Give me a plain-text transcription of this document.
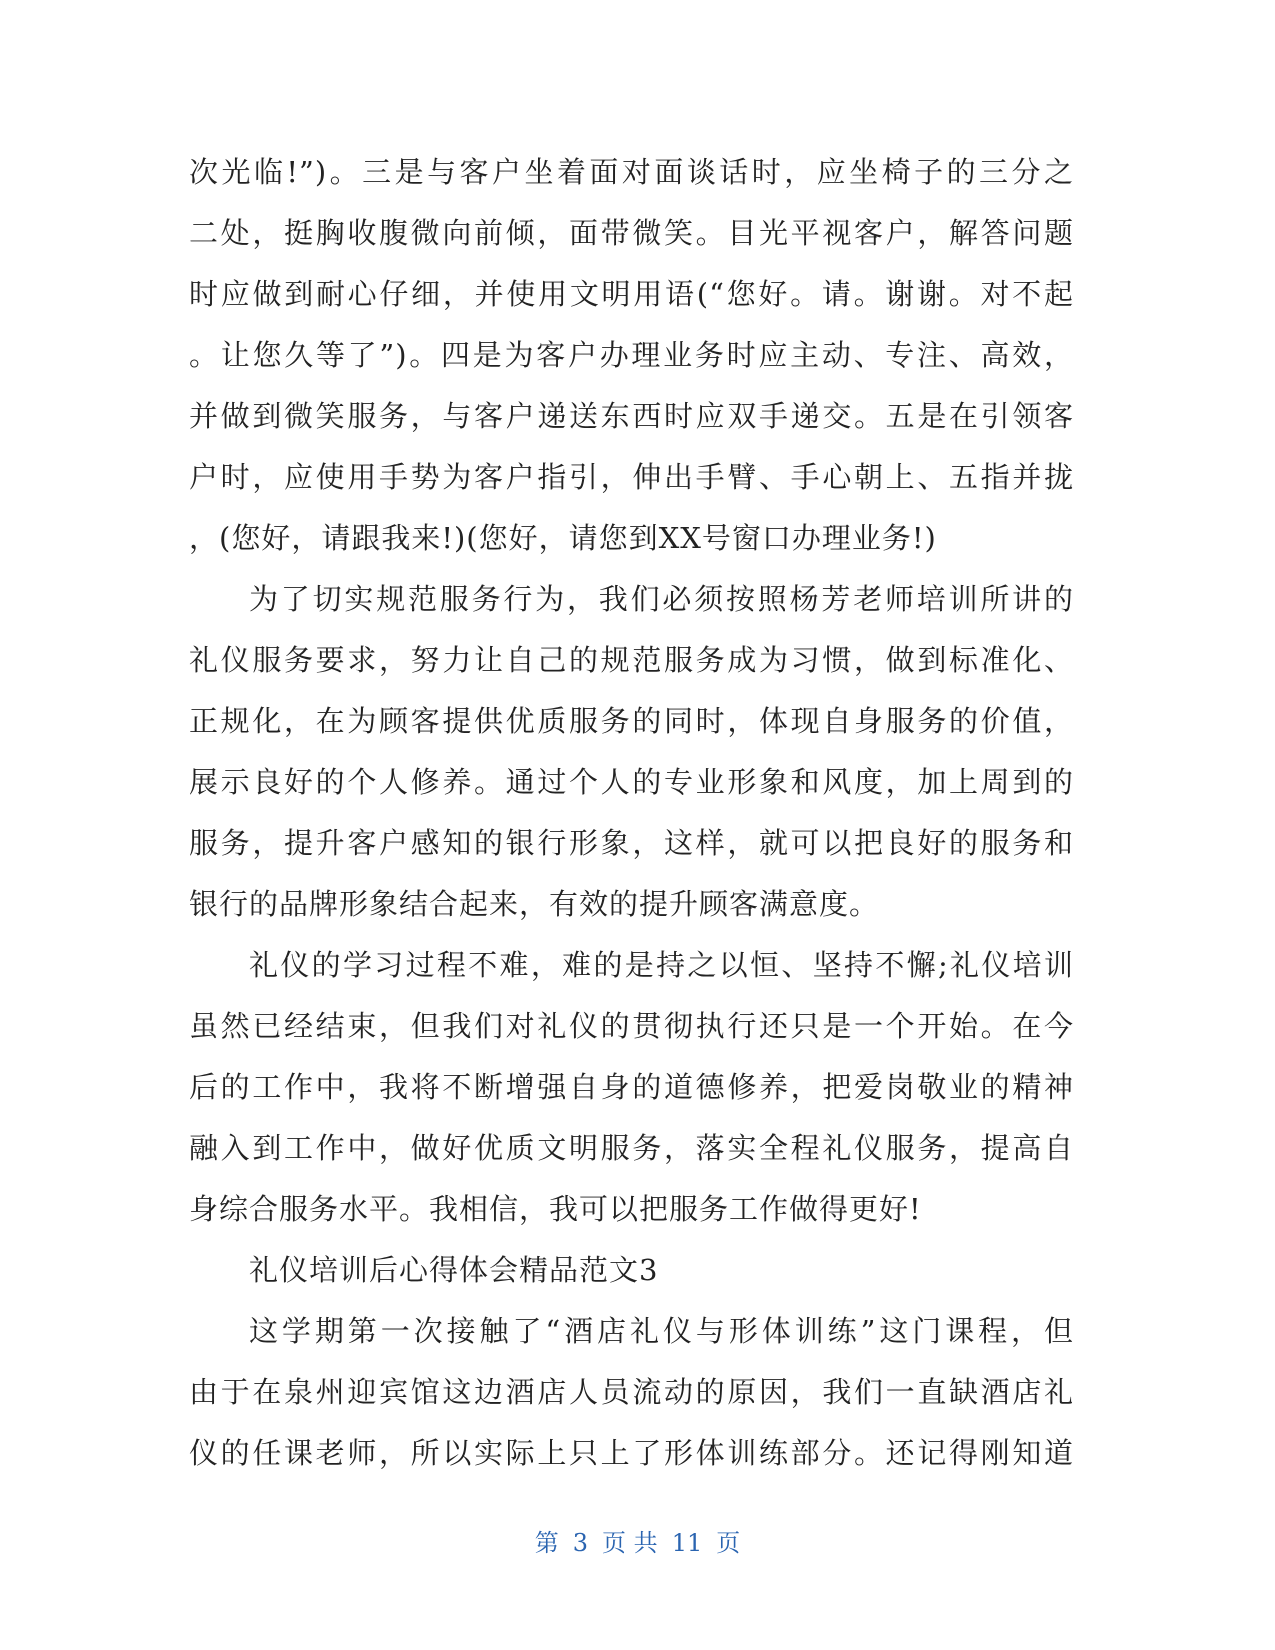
次光临!”)。三是与客户坐着面对面谈话时，应坐椅子的三分之
二处，挺胸收腹微向前倾，面带微笑。目光平视客户，解答问题
时应做到耐心仔细，并使用文明用语(“您好。请。谢谢。对不起
。让您久等了”)。四是为客户办理业务时应主动、专注、高效，
并做到微笑服务，与客户递送东西时应双手递交。五是在引领客
户时，应使用手势为客户指引，伸出手臂、手心朝上、五指并拢
，(您好，请跟我来!)(您好，请您到XX号窗口办理业务!)
为了切实规范服务行为，我们必须按照杨芳老师培训所讲的
礼仪服务要求，努力让自己的规范服务成为习惯，做到标准化、
正规化，在为顾客提供优质服务的同时，体现自身服务的价值，
展示良好的个人修养。通过个人的专业形象和风度，加上周到的
服务，提升客户感知的银行形象，这样，就可以把良好的服务和
银行的品牌形象结合起来，有效的提升顾客满意度。
礼仪的学习过程不难，难的是持之以恒、坚持不懈;礼仪培训
虽然已经结束，但我们对礼仪的贯彻执行还只是一个开始。在今
后的工作中，我将不断增强自身的道德修养，把爱岗敬业的精神
融入到工作中，做好优质文明服务，落实全程礼仪服务，提高自
身综合服务水平。我相信，我可以把服务工作做得更好!
礼仪培训后心得体会精品范文3
这学期第一次接触了“酒店礼仪与形体训练”这门课程，但
由于在泉州迎宾馆这边酒店人员流动的原因，我们一直缺酒店礼
仪的任课老师，所以实际上只上了形体训练部分。还记得刚知道
第 3 页 共 11 页
